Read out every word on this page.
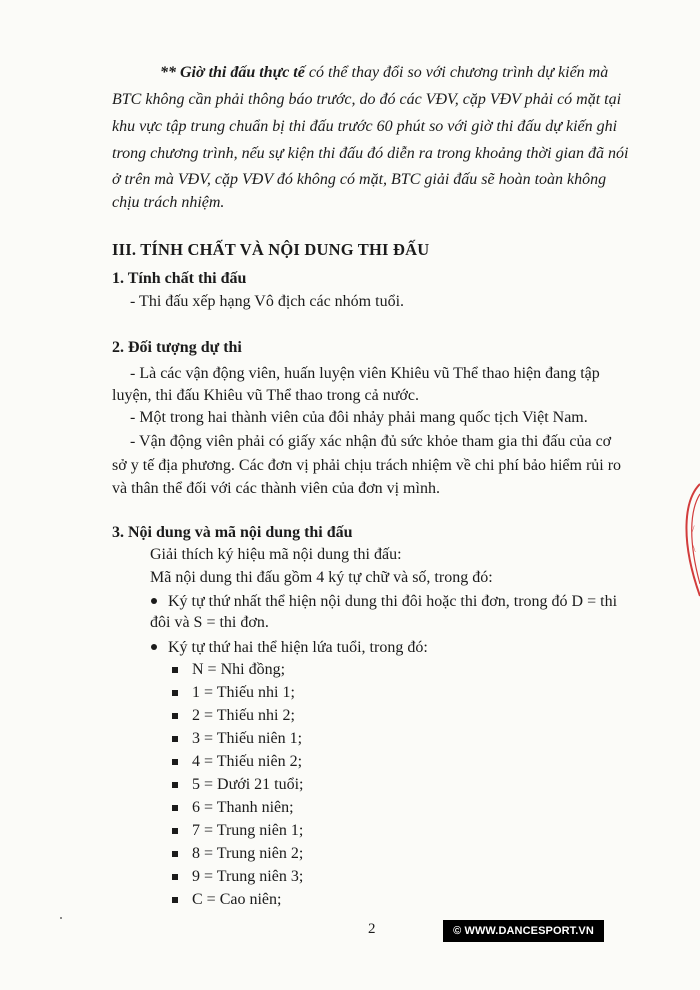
** Giờ thi đấu thực tế có thể thay đổi so với chương trình dự kiến mà
BTC không cần phải thông báo trước, do đó các VĐV, cặp VĐV phải có mặt tại
khu vực tập trung chuẩn bị thi đấu trước 60 phút so với giờ thi đấu dự kiến ghi
trong chương trình, nếu sự kiện thi đấu đó diễn ra trong khoảng thời gian đã nói
ở trên mà VĐV, cặp VĐV đó không có mặt, BTC giải đấu sẽ hoàn toàn không
chịu trách nhiệm.
III. TÍNH CHẤT VÀ NỘI DUNG THI ĐẤU
1. Tính chất thi đấu
- Thi đấu xếp hạng Vô địch các nhóm tuổi.
2. Đối tượng dự thi
- Là các vận động viên, huấn luyện viên Khiêu vũ Thể thao hiện đang tập
luyện, thi đấu Khiêu vũ Thể thao trong cả nước.
- Một trong hai thành viên của đôi nhảy phải mang quốc tịch Việt Nam.
- Vận động viên phải có giấy xác nhận đủ sức khỏe tham gia thi đấu của cơ
sở y tế địa phương. Các đơn vị phải chịu trách nhiệm về chi phí bảo hiểm rủi ro
và thân thể đối với các thành viên của đơn vị mình.
3. Nội dung và mã nội dung thi đấu
Giải thích ký hiệu mã nội dung thi đấu:
Mã nội dung thi đấu gồm 4 ký tự chữ và số, trong đó:
Ký tự thứ nhất thể hiện nội dung thi đôi hoặc thi đơn, trong đó D = thi
đôi và S = thi đơn.
Ký tự thứ hai thể hiện lứa tuổi, trong đó:
N = Nhi đồng;
1 = Thiếu nhi 1;
2 = Thiếu nhi 2;
3 = Thiếu niên 1;
4 = Thiếu niên 2;
5 = Dưới 21 tuổi;
6 = Thanh niên;
7 = Trung niên 1;
8 = Trung niên 2;
9 = Trung niên 3;
C = Cao niên;
2	© WWW.DANCESPORT.VN
/
\
